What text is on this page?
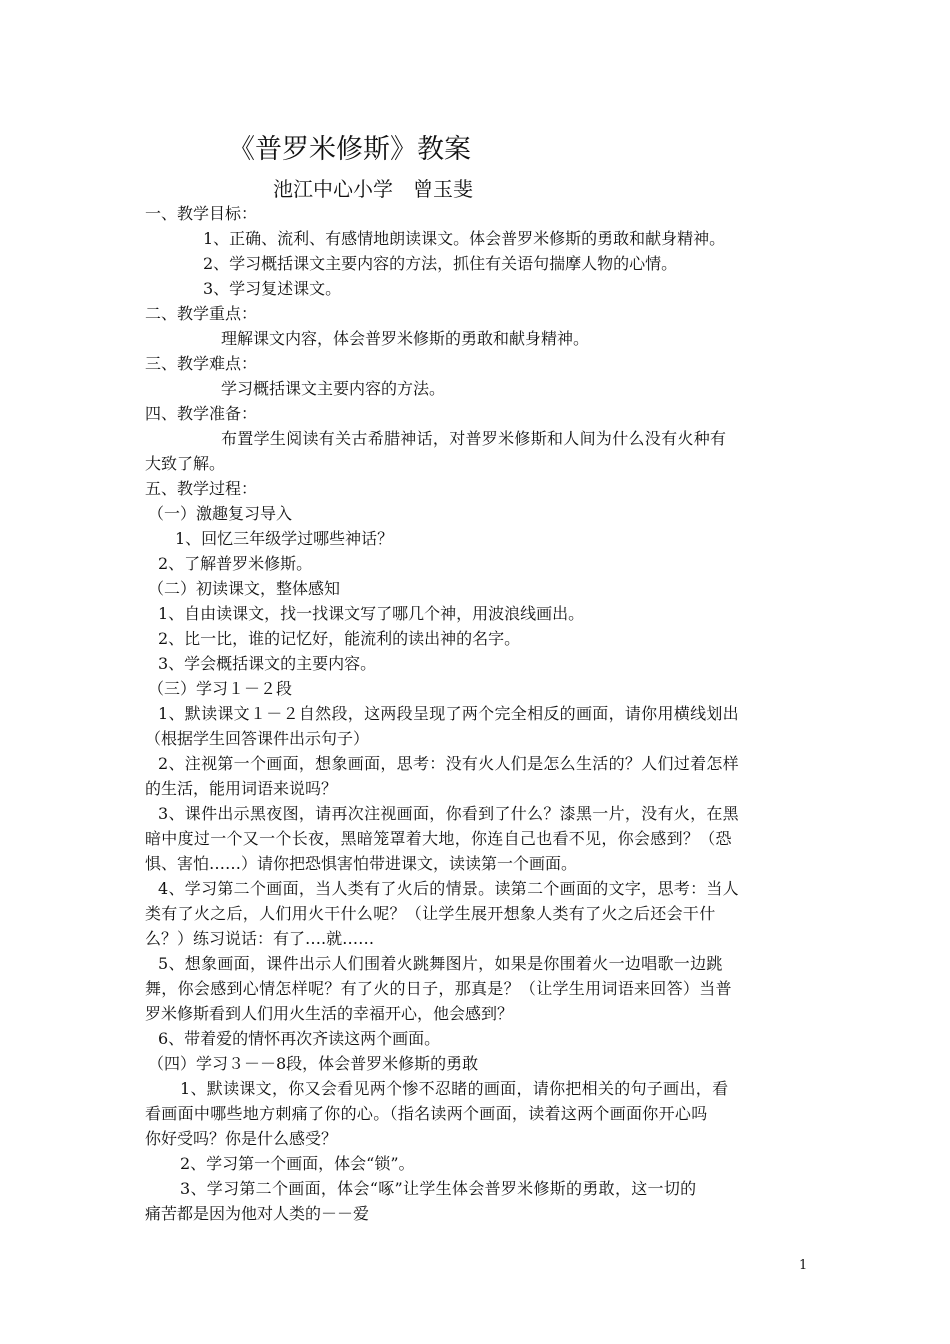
《普罗米修斯》教案
池江中心小学　曾玉斐
一、教学目标：
1、正确、流利、有感情地朗读课文。体会普罗米修斯的勇敢和献身精神。
2、学习概括课文主要内容的方法，抓住有关语句揣摩人物的心情。
3、学习复述课文。
二、教学重点：
理解课文内容，体会普罗米修斯的勇敢和献身精神。
三、教学难点：
学习概括课文主要内容的方法。
四、教学准备：
布置学生阅读有关古希腊神话，对普罗米修斯和人间为什么没有火种有
大致了解。
五、教学过程：
（一）激趣复习导入
1、回忆三年级学过哪些神话？
2、了解普罗米修斯。
（二）初读课文，整体感知
1、自由读课文，找一找课文写了哪几个神，用波浪线画出。
2、比一比，谁的记忆好，能流利的读出神的名字。
3、学会概括课文的主要内容。
（三）学习１－２段
1、默读课文１－２自然段，这两段呈现了两个完全相反的画面，请你用横线划出
（根据学生回答课件出示句子）
2、注视第一个画面，想象画面，思考：没有火人们是怎么生活的？人们过着怎样
的生活，能用词语来说吗？
3、课件出示黑夜图，请再次注视画面，你看到了什么？漆黑一片，没有火，在黑
暗中度过一个又一个长夜，黑暗笼罩着大地，你连自己也看不见，你会感到？（恐
惧、害怕……）请你把恐惧害怕带进课文，读读第一个画面。
4、学习第二个画面，当人类有了火后的情景。读第二个画面的文字，思考：当人
类有了火之后，人们用火干什么呢？（让学生展开想象人类有了火之后还会干什
么？）练习说话：有了….就……
5、想象画面，课件出示人们围着火跳舞图片，如果是你围着火一边唱歌一边跳
舞，你会感到心情怎样呢？有了火的日子，那真是？（让学生用词语来回答）当普
罗米修斯看到人们用火生活的幸福开心，他会感到？
6、带着爱的情怀再次齐读这两个画面。
（四）学习３－－8段，体会普罗米修斯的勇敢
1、默读课文，你又会看见两个惨不忍睹的画面，请你把相关的句子画出，看
看画面中哪些地方刺痛了你的心。（指名读两个画面，读着这两个画面你开心吗
你好受吗？你是什么感受？
2、学习第一个画面，体会“锁”。
3、学习第二个画面，体会“啄”让学生体会普罗米修斯的勇敢，这一切的
痛苦都是因为他对人类的－－爱
1
